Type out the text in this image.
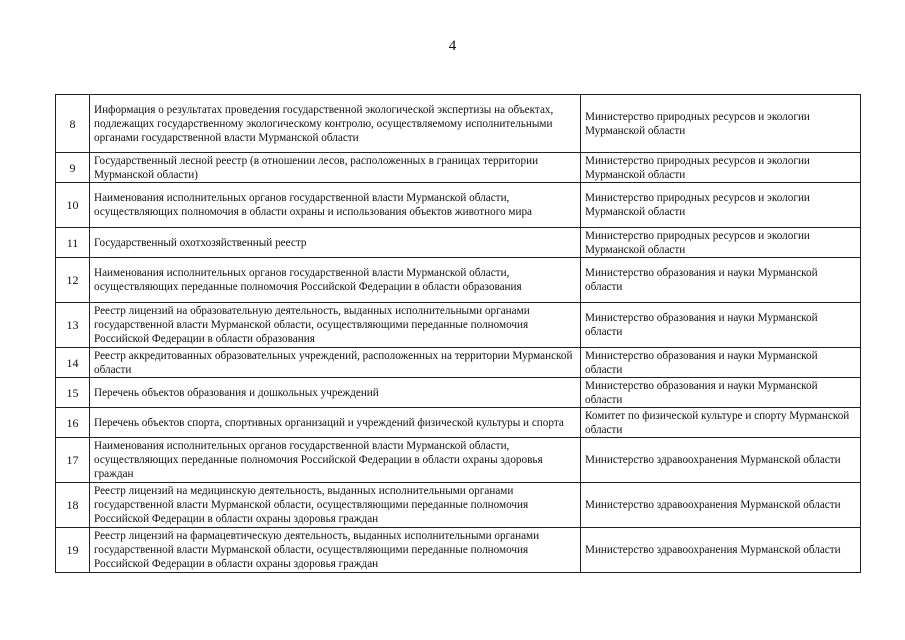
4
8	Информация о результатах проведения государственной экологической экспертизы на объектах, подлежащих государственному экологическому контролю, осуществляемому исполнительными органами государственной власти Мурманской области	Министерство природных ресурсов и экологии Мурманской области
9	Государственный лесной реестр (в отношении лесов, расположенных в границах территории Мурманской области)	Министерство природных ресурсов и экологии Мурманской области
10	Наименования исполнительных органов государственной власти Мурманской области, осуществляющих полномочия в области охраны и использования объектов животного мира	Министерство природных ресурсов и экологии Мурманской области
11	Государственный охотхозяйственный реестр	Министерство природных ресурсов и экологии Мурманской области
12	Наименования исполнительных органов государственной власти Мурманской области, осуществляющих переданные полномочия Российской Федерации в области образования	Министерство образования и науки Мурманской области
13	Реестр лицензий на образовательную деятельность, выданных исполнительными органами государственной власти Мурманской области, осуществляющими переданные полномочия Российской Федерации в области образования	Министерство образования и науки Мурманской области
14	Реестр аккредитованных образовательных учреждений, расположенных на территории Мурманской области	Министерство образования и науки Мурманской области
15	Перечень объектов образования и дошкольных учреждений	Министерство образования и науки Мурманской области
16	Перечень объектов спорта, спортивных организаций и учреждений физической культуры и спорта	Комитет по физической культуре и спорту Мурманской области
17	Наименования исполнительных органов государственной власти Мурманской области, осуществляющих переданные полномочия Российской Федерации в области охраны здоровья граждан	Министерство здравоохранения Мурманской области
18	Реестр лицензий на медицинскую деятельность, выданных исполнительными органами государственной власти Мурманской области, осуществляющими переданные полномочия Российской Федерации в области охраны здоровья граждан	Министерство здравоохранения Мурманской области
19	Реестр лицензий на фармацевтическую деятельность, выданных исполнительными органами государственной власти Мурманской области, осуществляющими переданные полномочия Российской Федерации в области охраны здоровья граждан	Министерство здравоохранения Мурманской области
